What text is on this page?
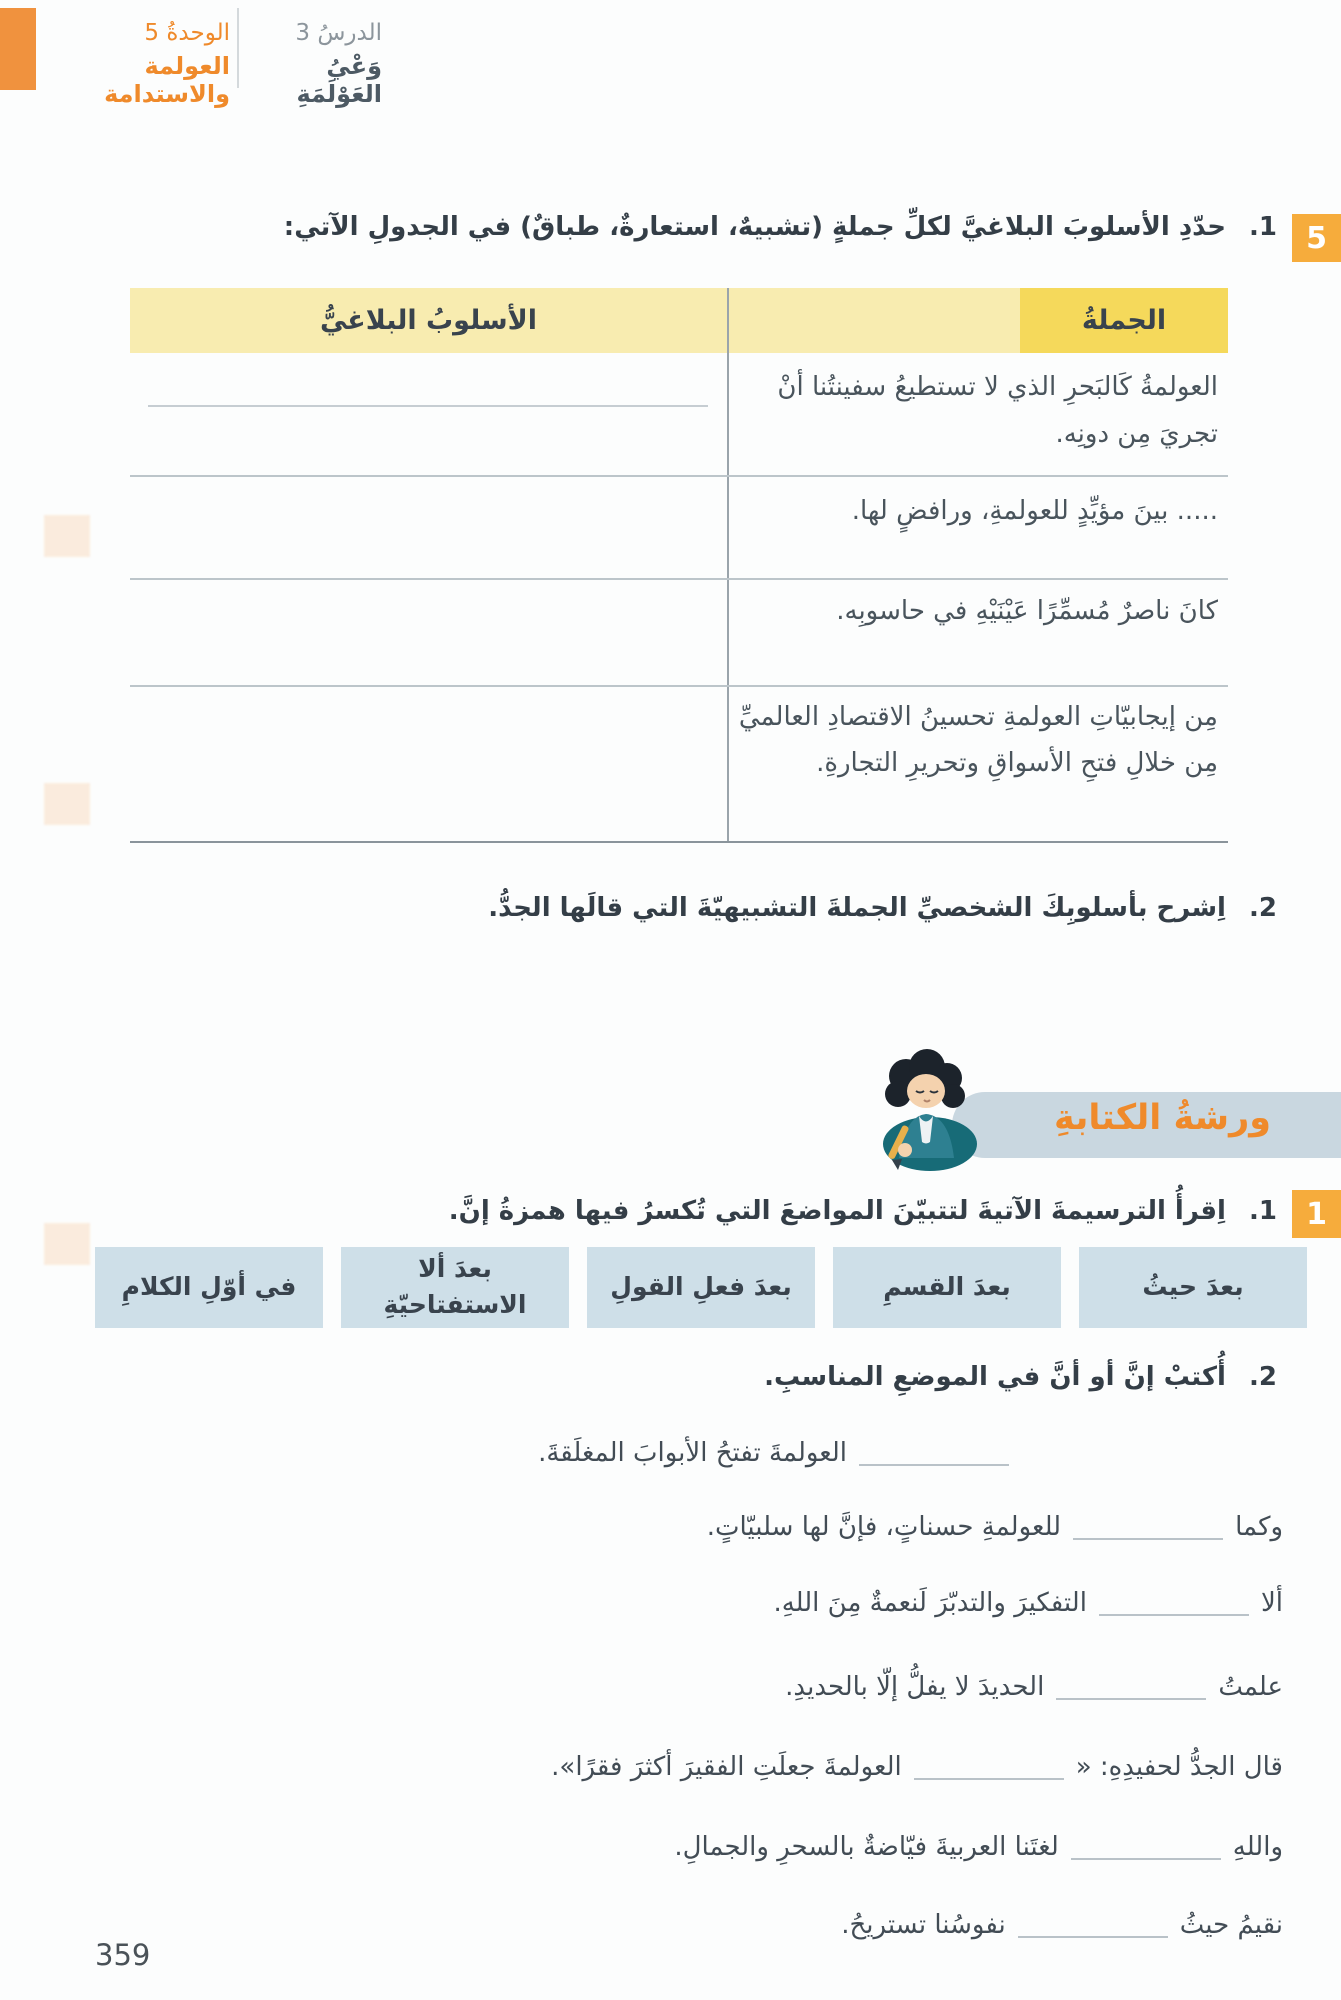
الوحدةُ 5
العولمة والاستدامة
الدرسُ 3
وَعْيُ العَوْلَمَةِ
5
1. حدّدِ الأسلوبَ البلاغيَّ لكلِّ جملةٍ (تشبيهٌ، استعارةٌ، طباقٌ) في الجدولِ الآتي:
الأسلوبُ البلاغيُّ	الجملةُ
العولمةُ كَالبَحرِ الذي لا تستطيعُ سفينتُنا أنْ تجريَ مِن دونِه.
..... بينَ مؤيِّدٍ للعولمةِ، ورافضٍ لها.
كانَ ناصرٌ مُسمِّرًا عَيْنَيْهِ في حاسوبِه.
مِن إيجابيّاتِ العولمةِ تحسينُ الاقتصادِ العالميِّ مِن خلالِ فتحِ الأسواقِ وتحريرِ التجارةِ.
2. اِشرح بأسلوبِكَ الشخصيِّ الجملةَ التشبيهيّةَ التي قالَها الجدُّ.
ورشةُ الكتابةِ
1
1. اِقرأُ الترسيمةَ الآتيةَ لتتبيّنَ المواضعَ التي تُكسرُ فيها همزةُ إنَّ.
بعدَ حيثُ
بعدَ القسمِ
بعدَ فعلِ القولِ
بعدَ ألا الاستفتاحيّةِ
في أوّلِ الكلامِ
2. أُكتبْ إنَّ أو أنَّ في الموضعِ المناسبِ.
العولمةَ تفتحُ الأبوابَ المغلَقةَ.
وكماللعولمةِ حسناتٍ، فإنَّ لها سلبيّاتٍ.
ألاالتفكيرَ والتدبّرَ لَنعمةٌ مِنَ اللهِ.
علمتُالحديدَ لا يفلُّ إلّا بالحديدِ.
قال الجدُّ لحفيدِهِ: «العولمةَ جعلَتِ الفقيرَ أكثرَ فقرًا».
واللهِلغتَنا العربيةَ فيّاضةٌ بالسحرِ والجمالِ.
نقيمُ حيثُنفوسُنا تستريحُ.
359
